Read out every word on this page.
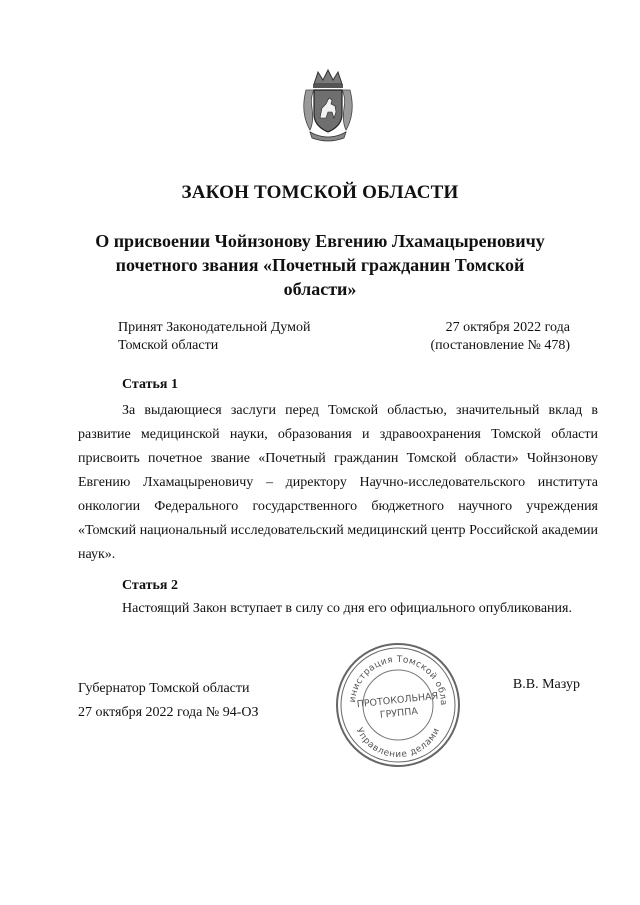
ЗАКОН ТОМСКОЙ ОБЛАСТИ
О присвоении Чойнзонову Евгению Лхамацыреновичу
почетного звания «Почетный гражданин Томской
области»
Принят Законодательной Думой
Томской области
27 октября 2022 года
(постановление № 478)
Статья 1
За выдающиеся заслуги перед Томской областью, значительный вклад в развитие медицинской науки, образования и здравоохранения Томской области присвоить почетное звание «Почетный гражданин Томской области» Чойнзонову Евгению Лхамацыреновичу – директору Научно-исследовательского института онкологии Федерального государственного бюджетного научного учреждения «Томский национальный исследовательский медицинский центр Российской академии наук».
Статья 2
Настоящий Закон вступает в силу со дня его официального опубликования.
Губернатор Томской области
27 октября 2022 года № 94-ОЗ
В.В. Мазур
инистрация Томской обла
Управление делами
ПРОТОКОЛЬНАЯ
ГРУППА
